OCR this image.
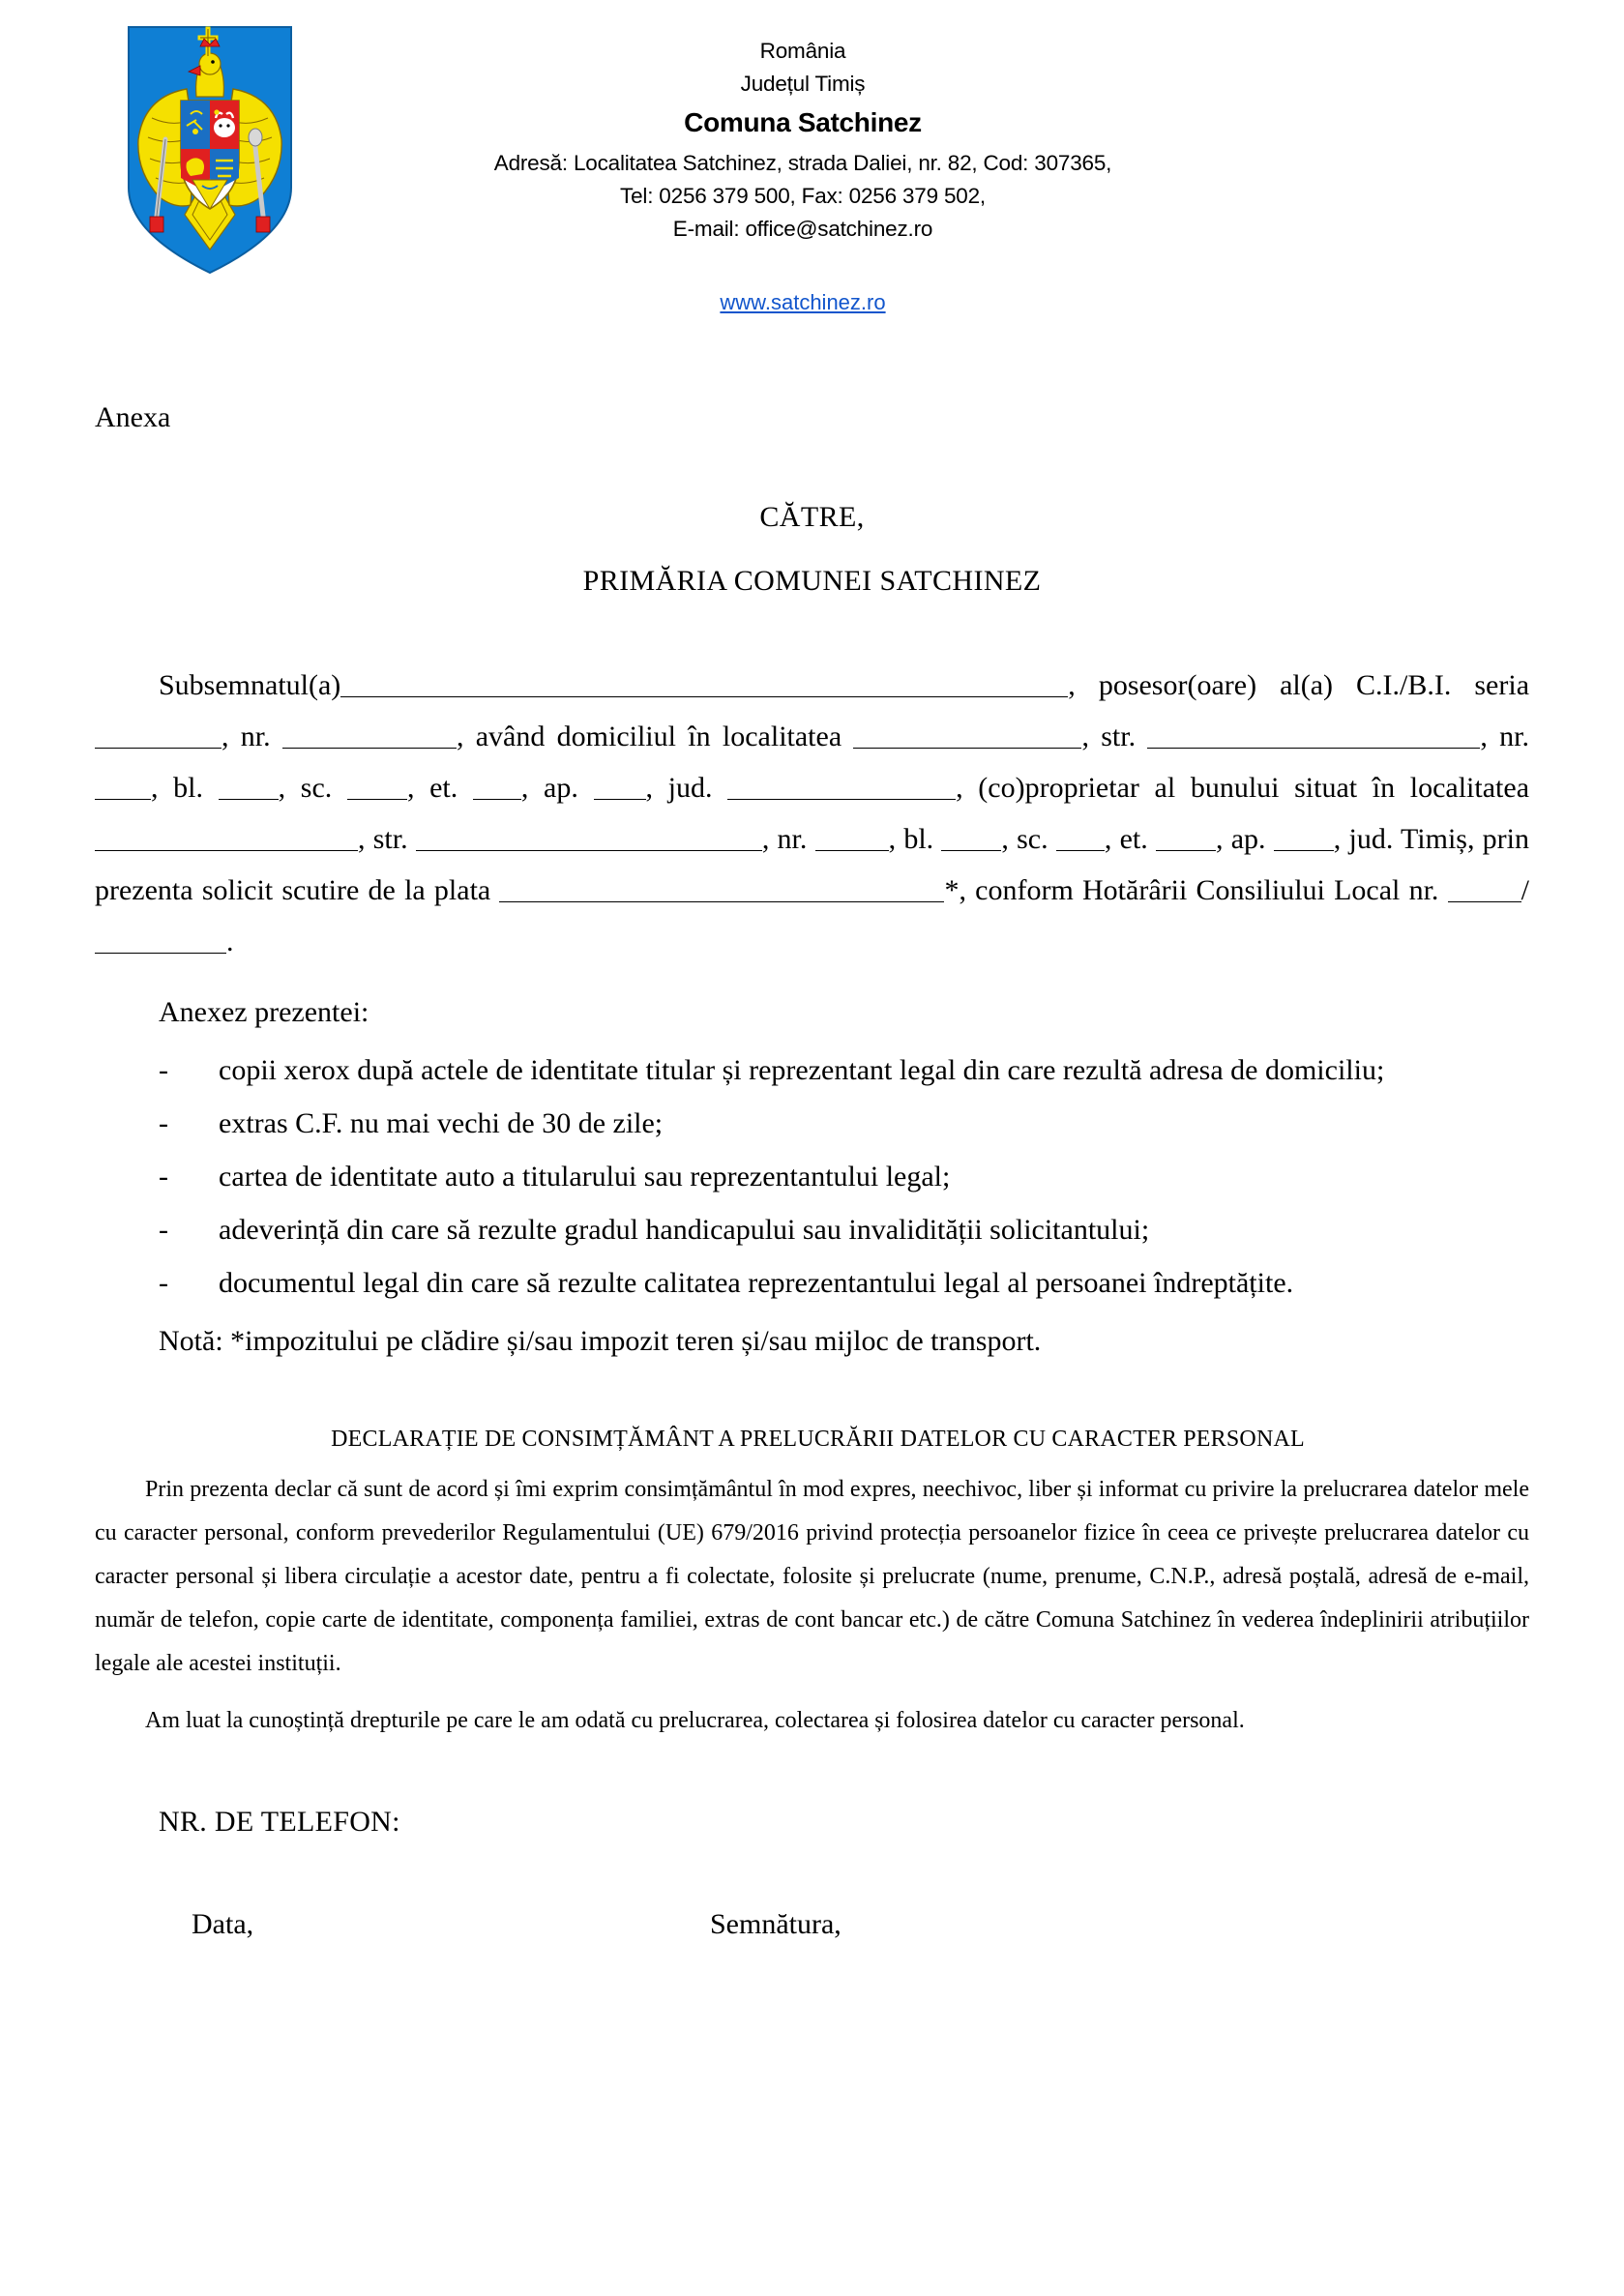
România
Județul Timiș
Comuna Satchinez
Adresă: Localitatea Satchinez, strada Daliei, nr. 82, Cod: 307365,
Tel: 0256 379 500, Fax: 0256 379 502,
E-mail: office@satchinez.ro
www.satchinez.ro
Anexa
CĂTRE,
PRIMĂRIA COMUNEI SATCHINEZ
Subsemnatul(a)	, posesor(oare) al(a) C.I./B.I. seria , nr.	, având domiciliul în localitatea	, str.	, nr. , bl.	, sc.	, et. , ap. , jud.	, (co)proprietar al bunului situat în localitatea , str.	, nr.	, bl. , sc. , et. , ap. , jud. Timiș, prin prezenta solicit scutire de la plata	*, conform Hotărârii Consiliului Local nr.	/.
Anexez prezentei:
- copii xerox după actele de identitate titular și reprezentant legal din care rezultă adresa de domiciliu;
- extras C.F. nu mai vechi de 30 de zile;
- cartea de identitate auto a titularului sau reprezentantului legal;
- adeverință din care să rezulte gradul handicapului sau invalidității solicitantului;
- documentul legal din care să rezulte calitatea reprezentantului legal al persoanei îndreptățite.
Notă: *impozitului pe clădire și/sau impozit teren și/sau mijloc de transport.
DECLARAȚIE DE CONSIMȚĂMÂNT A PRELUCRĂRII DATELOR CU CARACTER PERSONAL

Prin prezenta declar că sunt de acord și îmi exprim consimțământul în mod expres, neechivoc, liber și informat cu privire la prelucrarea datelor mele cu caracter personal, conform prevederilor Regulamentului (UE) 679/2016 privind protecția persoanelor fizice în ceea ce privește prelucrarea datelor cu caracter personal și libera circulație a acestor date, pentru a fi colectate, folosite și prelucrate (nume, prenume, C.N.P., adresă poștală, adresă de e-mail, număr de telefon, copie carte de identitate, componența familiei, extras de cont bancar etc.) de către Comuna Satchinez în vederea îndeplinirii atribuțiilor legale ale acestei instituții.

Am luat la cunoștință drepturile pe care le am odată cu prelucrarea, colectarea și folosirea datelor cu caracter personal.

NR. DE TELEFON:
Data,	Semnătura,
